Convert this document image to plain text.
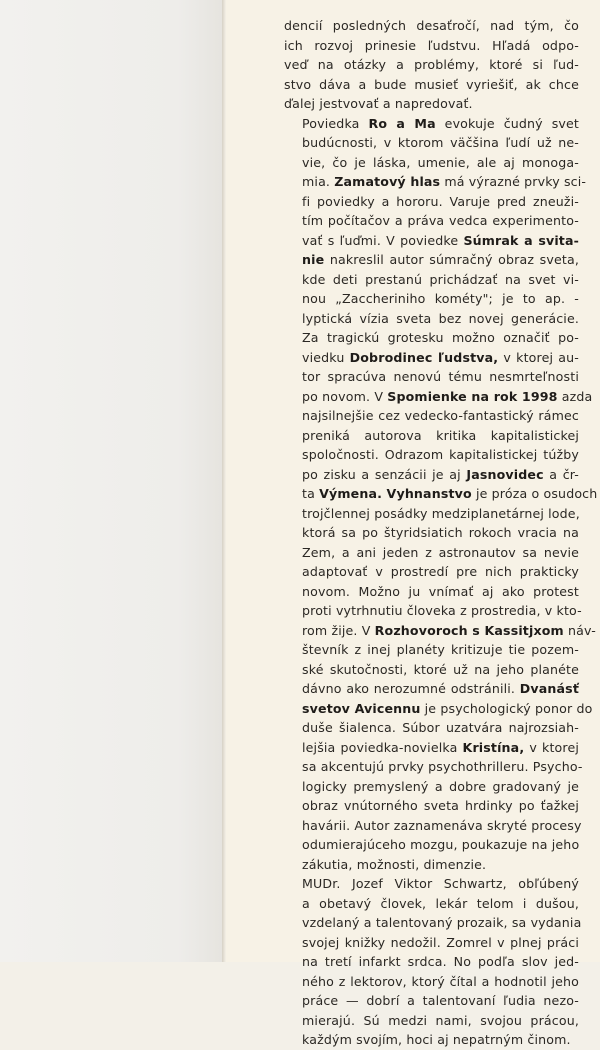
dencií posledných desaťročí, nad tým, čo
ich rozvoj prinesie ľudstvu. Hľadá odpo-
veď na otázky a problémy, ktoré si ľud-
stvo dáva a bude musieť vyriešiť, ak chce
ďalej jestvovať a napredovať.

Poviedka Ro a Ma evokuje čudný svet
budúcnosti, v ktorom väčšina ľudí už ne-
vie, čo je láska, umenie, ale aj monoga-
mia. Zamatový hlas má výrazné prvky sci-
fi poviedky a hororu. Varuje pred zneuži-
tím počítačov a práva vedca experimento-
vať s ľuďmi. V poviedke Súmrak a svita-
nie nakreslil autor súmračný obraz sveta,
kde deti prestanú prichádzať na svet vi-
nou „Zaccheriniho kométy"; je to ap. -
lyptická vízia sveta bez novej generácie.
Za tragickú grotesku možno označiť po-
viedku Dobrodinec ľudstva, v ktorej au-
tor spracúva nenovú tému nesmrteľnosti
po novom. V Spomienke na rok 1998 azda
najsilnejšie cez vedecko-fantastický rámec
preniká autorova kritika kapitalistickej
spoločnosti. Odrazom kapitalistickej túžby
po zisku a senzácii je aj Jasnovidec a čr-
ta Výmena. Vyhnanstvo je próza o osudoch
trojčlennej posádky medziplanetárnej lode,
ktorá sa po štyridsiatich rokoch vracia na
Zem, a ani jeden z astronautov sa nevie
adaptovať v prostredí pre nich prakticky
novom. Možno ju vnímať aj ako protest
proti vytrhnutiu človeka z prostredia, v kto-
rom žije. V Rozhovoroch s Kassitjxom náv-
števník z inej planéty kritizuje tie pozem-
ské skutočnosti, ktoré už na jeho planéte
dávno ako nerozumné odstránili. Dvanásť
svetov Avicennu je psychologický ponor do
duše šialenca. Súbor uzatvára najrozsiah-
lejšia poviedka-novielka Kristína, v ktorej
sa akcentujú prvky psychothrilleru. Psycho-
logicky premyslený a dobre gradovaný je
obraz vnútorného sveta hrdinky po ťažkej
havárii. Autor zaznamenáva skryté procesy
odumierajúceho mozgu, poukazuje na jeho
zákutia, možnosti, dimenzie.

MUDr. Jozef Viktor Schwartz, obľúbený
a obetavý človek, lekár telom i dušou,
vzdelaný a talentovaný prozaik, sa vydania
svojej knižky nedožil. Zomrel v plnej práci
na tretí infarkt srdca. No podľa slov jed-
ného z lektorov, ktorý čítal a hodnotil jeho
práce — dobrí a talentovaní ľudia nezo-
mierajú. Sú medzi nami, svojou prácou,
každým svojím, hoci aj nepatrným činom.
